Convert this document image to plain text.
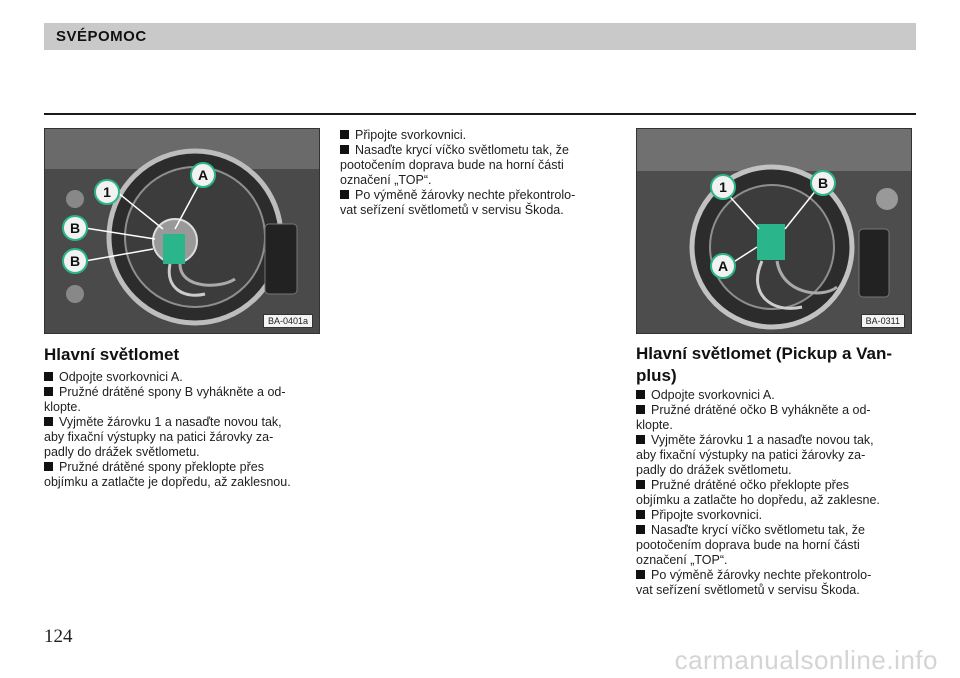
SVÉPOMOC
1
A
B
B
BA-0401a
1	B
A
BA-0311
Hlavní světlomet

Odpojte svorkovnici A.

Pružné drátěné spony B vyhákněte a od-

klopte.

Vyjměte žárovku 1 a nasaďte novou tak,

aby fixační výstupky na patici žárovky za-

padly do drážek světlometu.

Pružné drátěné spony překlopte přes

objímku a zatlačte je dopředu, až zaklesnou.

Připojte svorkovnici.

Nasaďte krycí víčko světlometu tak, že

pootočením doprava bude na horní části

označení „TOP“.

Po výměně žárovky nechte překontrolo-

vat seřízení světlometů v servisu Škoda.

Hlavní světlomet (Pickup a Van-
plus)

Odpojte svorkovnici A.

Pružné drátěné očko B vyhákněte a od-

klopte.

Vyjměte žárovku 1 a nasaďte novou tak,

aby fixační výstupky na patici žárovky za-

padly do drážek světlometu.

Pružné drátěné očko překlopte přes

objímku a zatlačte ho dopředu, až zaklesne.

Připojte svorkovnici.

Nasaďte krycí víčko světlometu tak, že

pootočením doprava bude na horní části

označení „TOP“.

Po výměně žárovky nechte překontrolo-

vat seřízení světlometů v servisu Škoda.

124
carmanualsonline.info
